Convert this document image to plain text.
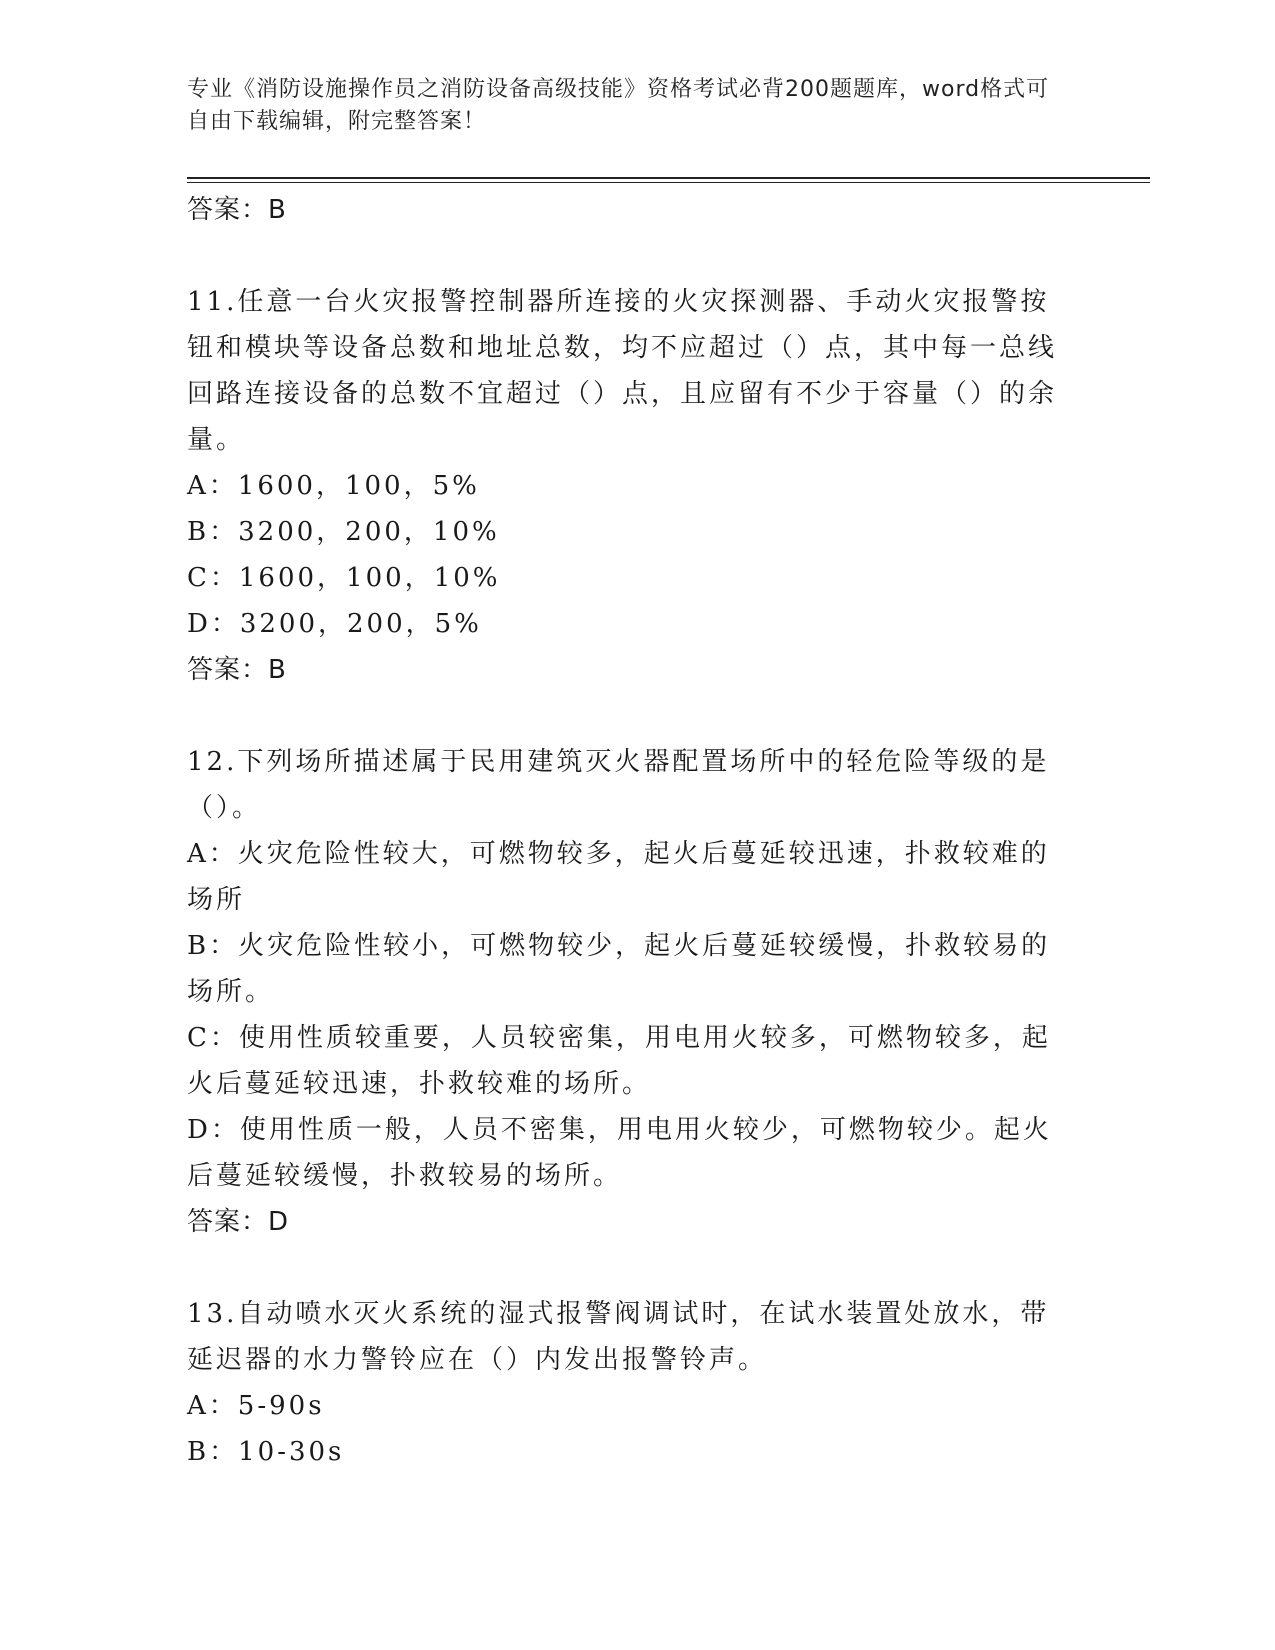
专业《消防设施操作员之消防设备高级技能》资格考试必背200题题库，word格式可自由下载编辑，附完整答案！

答案：B

11.任意一台火灾报警控制器所连接的火灾探测器、手动火灾报警按钮和模块等设备总数和地址总数，均不应超过（）点，其中每一总线回路连接设备的总数不宜超过（）点，且应留有不少于容量（）的余量。

A：1600，100，5%

B：3200，200，10%

C：1600，100，10%

D：3200，200，5%

答案：B

12.下列场所描述属于民用建筑灭火器配置场所中的轻危险等级的是（）。

A：火灾危险性较大，可燃物较多，起火后蔓延较迅速，扑救较难的场所

B：火灾危险性较小，可燃物较少，起火后蔓延较缓慢，扑救较易的场所。

C：使用性质较重要，人员较密集，用电用火较多，可燃物较多，起火后蔓延较迅速，扑救较难的场所。

D：使用性质一般，人员不密集，用电用火较少，可燃物较少。起火后蔓延较缓慢，扑救较易的场所。

答案：D

13.自动喷水灭火系统的湿式报警阀调试时，在试水装置处放水，带延迟器的水力警铃应在（）内发出报警铃声。

A：5-90s

B：10-30s
